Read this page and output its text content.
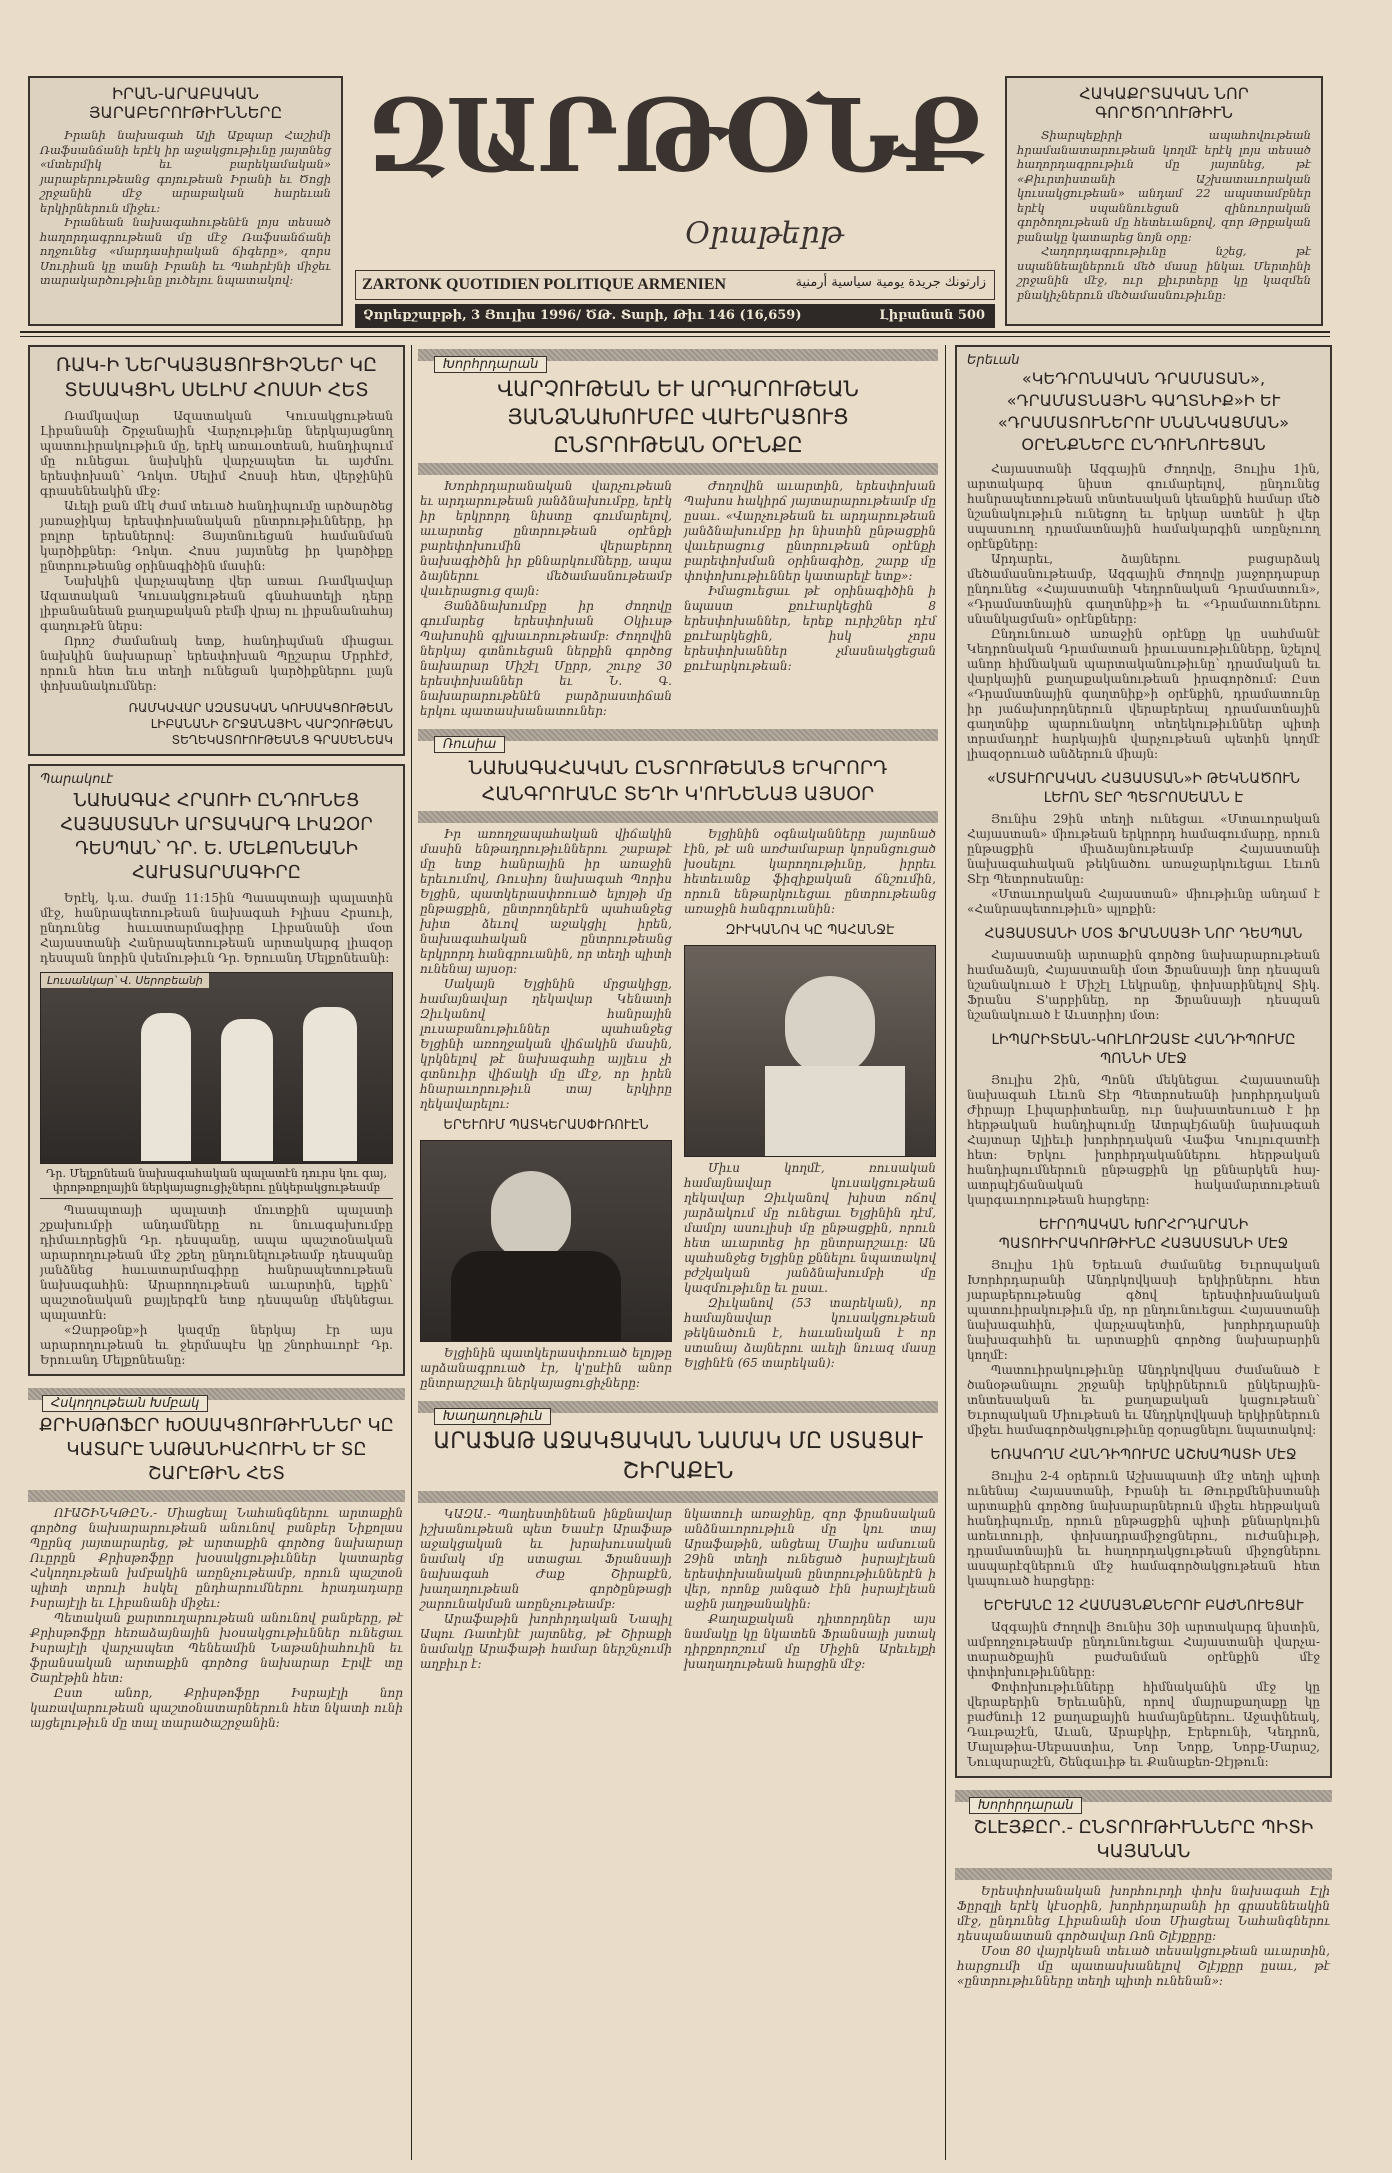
ԻՐԱՆ-ԱՐԱԲԱԿԱՆ ՅԱՐԱԲԵՐՈՒԹԻՒՆՆԵՐԸ

Իրանի նախագահ Ալի Աքպար Հաշիմի Ռաֆսանճանի երէկ իր աջակցութիւնը յայտնեց «մտերմիկ եւ բարեկամական» յարաբերութեանց գոյութեան Իրանի եւ Ծոցի շրջանին մէջ արաբական հարեւան երկիրներուն միջեւ:

Իրանեան նախագահութենէն լոյս տեսած հաղորդագրութեան մը մէջ Ռաֆսանճանի ողջունեց «մարդասիրական ճիգերը», զորս Սուրիան կը տանի Իրանի եւ Պահրէյնի միջեւ տարակարծութիւնը լուծելու նպատակով:

ԶԱՐԹՕՆՔ
Օրաթերթ
ZARTONK QUOTIDIEN POLITIQUE ARMENIEN	زارتونك جريدة يومية سياسية أرمنية
Չորեքշաբթի, 3 Յուլիս 1996/ ԾԹ. Տարի, Թիւ 146 (16,659)	Լիբանան 500
ՀԱԿԱՔՐՏԱԿԱՆ ՆՈՐ ԳՈՐԾՈՂՈՒԹԻՒՆ

Տիարպեքիրի ապահովութեան հրամանատարութեան կողմէ երէկ լոյս տեսած հաղորդագրութիւն մը յայտնեց, թէ «Քիւրտիստանի Աշխատաւորական կուսակցութեան» անդամ 22 ապստամբներ երէկ սպաննուեցան զինուորական գործողութեան մը հետեւանքով, զոր Թրքական բանակը կատարեց նոյն օրը:

Հաղորդագրութիւնը նշեց, թէ սպաննեալներուն մեծ մասը ինկաւ Մերտինի շրջանին մէջ, ուր քիւրտերը կը կազմեն բնակիչներուն մեծամասնութիւնը:

ՌԱԿ-Ի ՆԵՐԿԱՅԱՑՈՒՑԻՉՆԵՐ ԿԸ ՏԵՍԱԿՑԻՆ ՍԵԼԻՄ ՀՈՍՍԻ ՀԵՏ

Ռամկավար Ազատական Կուսակցութեան Լիբանանի Շրջանային Վարչութիւնը ներկայացնող պատուիրակութիւն մը, երէկ առաւօտեան, հանդիպում մը ունեցաւ նախկին վարչապետ եւ այժմու երեսփոխան՝ Դոկտ. Սելիմ Հոսսի հետ, վերջինին գրասենեակին մէջ:

Աւելի քան մէկ ժամ տեւած հանդիպումը արծարծեց յառաջիկայ երեսփոխանական ընտրութիւնները, իր բոլոր երեսներով: Յայտնուեցան համանման կարծիքներ: Դոկտ. Հոսս յայտնեց իր կարծիքը ընտրութեանց օրինագիծին մասին:

Նախկին վարչապետը վեր առաւ Ռամկավար Ազատական Կուսակցութեան գնահատելի դերը լիբանանեան քաղաքական բեմի վրայ ու լիբանանահայ գաղութէն ներս:

Որոշ ժամանակ ետք, հանդիպման միացաւ նախկին նախարար՝ երեսփոխան Պըշարա Մրրհէժ, որուն հետ եւս տեղի ունեցան կարծիքներու լայն փոխանակումներ:

ՌԱՄԿԱՎԱՐ ԱԶԱՏԱԿԱՆ ԿՈՒՍԱԿՑՈՒԹԵԱՆ
ԼԻԲԱՆԱՆԻ ՇՐՋԱՆԱՅԻՆ ՎԱՐՉՈՒԹԵԱՆ
ՏԵՂԵԿԱՏՈՒՈՒԹԵԱՆՑ ԳՐԱՍԵՆԵԱԿ
Պարակուէ
ՆԱԽԱԳԱՀ ՀՐԱՈՒԻ ԸՆԴՈՒՆԵՑ ՀԱՅԱՍՏԱՆԻ ԱՐՏԱԿԱՐԳ ԼԻԱԶՕՐ ԴԵՍՊԱՆ՝ ԴՐ. Ե. ՄԵԼՔՈՆԵԱՆԻ ՀԱՒԱՏԱՐՄԱԳԻՐԸ

Երէկ, կ.ա. ժամը 11:15ին Պաապտայի պալատին մէջ, հանրապետութեան նախագահ Իլիաս Հրաուի, ընդունեց հաւատարմագիրը Լիբանանի մօտ Հայաստանի Հանրապետութեան արտակարգ լիազօր դեսպան նորին վսեմութիւն Դր. Երուանդ Մելքոնեանի:

Լուսանկար՝ Վ. Սերոբեանի
Դր. Մելքոնեան նախագահական պալատէն դուրս կու գայ, փրոթոքոլային ներկայացուցիչներու ընկերակցութեամբ

Պաապտայի պալատի մուտքին պալատի շքախումբի անդամները ու նուագախումբը դիմաւորեցին Դր. դեսպանը, ապա պաշտօնական արարողութեան մէջ շքեղ ընդունելութեամբ դեսպանը յանձնեց հաւատարմագիրը հանրապետութեան նախագահին: Արարողութեան աւարտին, ելքին՝ պաշտօնական քայլերգէն ետք դեսպանը մեկնեցաւ պալատէն:

«Զարթօնք»ի կազմը ներկայ էր այս արարողութեան եւ ջերմապէս կը շնորհաւորէ Դր. Երուանդ Մելքոնեանը:

Հսկողութեան Խմբակ
ՔՐԻՍԹՈՖԸՐ ԽՕՍԱԿՑՈՒԹԻՒՆՆԵՐ ԿԸ ԿԱՏԱՐԷ ՆԱԹԱՆԻԱՀՈՒԻՆ ԵՒ ՏԸ ՇԱՐԷԹԻՆ ՀԵՏ

ՈՒԱՇԻՆԿԹԸՆ.- Միացեալ Նահանգներու արտաքին գործոց նախարարութեան անունով բանբեր Նիքոլաս Պըրնզ յայտարարեց, թէ արտաքին գործոց նախարար Ուըրըն Քրիսթոֆըր խօսակցութիւններ կատարեց Հսկողութեան խմբակին առընչութեամբ, որուն պաշտօն պիտի տրուի հսկել ընդհարումներու հրադադարը Իսրայէլի եւ Լիբանանի միջեւ:

Պետական քարտուղարութեան անունով բանբերը, թէ Քրիսթոֆըր հեռաձայնային խօսակցութիւններ ունեցաւ Իսրայէլի վարչապետ Պենեամին Նաթանիահուին եւ ֆրանսական արտաքին գործոց նախարար Էրվէ տը Շարէթին հետ:

Ըստ անոր, Քրիսթոֆըր Իսրայէլի նոր կառավարութեան պաշտօնատարներուն հետ նկատի ունի այցելութիւն մը տալ տարածաշրջանին:

Խորհրդարան
ՎԱՐՉՈՒԹԵԱՆ ԵՒ ԱՐԴԱՐՈՒԹԵԱՆ ՅԱՆՁՆԱԽՈՒՄԲԸ ՎԱՒԵՐԱՑՈՒՑ ԸՆՏՐՈՒԹԵԱՆ ՕՐԷՆՔԸ

Խորհրդարանական վարչութեան եւ արդարութեան յանձնախումբը, երէկ իր երկրորդ նիստը գումարելով, աւարտեց ընտրութեան օրէնքի բարեփոխումին վերաբերող նախագիծին իր քննարկումները, ապա ձայներու մեծամասնութեամբ վաւերացուց զայն:

Յանձնախումբը իր ժողովը գումարեց երեսփոխան Օկիւսթ Պախոսին գլխաւորութեամբ: Ժողովին ներկայ գտնուեցան ներքին գործոց նախարար Միշէլ Մըրր, շուրջ 30 երեսփոխաններ եւ Ն. Գ. նախարարութենէն բարձրաստիճան երկու պատասխանատուներ:

Ժողովին աւարտին, երեսփոխան Պախոս հակիրճ յայտարարութեամբ մը ըսաւ. «Վարչութեան եւ արդարութեան յանձնախումբը իր նիստին ընթացքին վաւերացուց ընտրութեան օրէնքի բարեփոխման օրինագիծը, շարք մը փոփոխութիւններ կատարելէ ետք»:

Իմացուեցաւ թէ օրինագիծին ի նպաստ քուէարկեցին 8 երեսփոխաններ, երեք ուրիշներ դէմ քուէարկեցին, իսկ չորս երեսփոխաններ չմասնակցեցան քուէարկութեան:

Ռուսիա
ՆԱԽԱԳԱՀԱԿԱՆ ԸՆՏՐՈՒԹԵԱՆՑ ԵՐԿՐՈՐԴ ՀԱՆԳՐՈՒԱՆԸ ՏԵՂԻ Կ'ՈՒՆԵՆԱՅ ԱՅՍՕՐ

Իր առողջապահական վիճակին մասին ենթադրութիւններու շաբաթէ մը ետք հանրային իր առաջին երեւումով, Ռուսիոյ նախագահ Պորիս Ելցին, պատկերասփռուած ելոյթի մը ընթացքին, ընտրողներէն պահանջեց խիտ ձեւով աջակցիլ իրեն, նախագահական ընտրութեանց երկրորդ հանգրուանին, որ տեղի պիտի ունենայ այսօր:

Սակայն Ելցինին մրցակիցը, համայնավար ղեկավար Կենատի Զիւկանով հանրային լուսաբանութիւններ պահանջեց Ելցինի առողջական վիճակին մասին, կրկնելով թէ նախագահը այլեւս չի գտնուիր վիճակի մը մէջ, որ իրեն հնարաւորութիւն տայ երկիրը ղեկավարելու:

ԵՐԵՒՈՒՄ ՊԱՏԿԵՐԱՍՓՒՌՈՒԷՆ

Ելցինին պատկերասփռուած ելոյթը արձանագրուած էր, կ'ըսէին անոր ընտրարշաւի ներկայացուցիչները:

Ելցինին օգնականները յայտնած էին, թէ ան առժամաբար կորսնցուցած խօսելու կարողութիւնը, իրրեւ հետեւանք ֆիզիքական ճնշումին, որուն ենթարկուեցաւ ընտրութեանց առաջին հանգրուանին:

ԶԻՒԿԱՆՈՎ ԿԸ ՊԱՀԱՆՋԷ

Միւս կողմէ, ռուսական համայնավար կուսակցութեան ղեկավար Զիւկանով խիստ ոճով յարձակում մը ունեցաւ Ելցինին դէմ, մամլոյ ասուլիսի մը ընթացքին, որուն հետ աւարտեց իր ընտրարշաւը: Ան պահանջեց Ելցինը քննելու նպատակով բժշկական յանձնախումբի մը կազմութիւնը եւ ըսաւ.

Զիւկանով (53 տարեկան), որ համայնավար կուսակցութեան թեկնածուն է, հաւանական է որ ստանայ ձայներու աւելի նուազ մասը Ելցինէն (65 տարեկան):

Խաղաղութիւն
ԱՐԱՖԱԹ ԱՋԱԿՑԱԿԱՆ ՆԱՄԱԿ ՄԸ ՍՏԱՑԱՒ ՇԻՐԱՔԷՆ

ԿԱԶԱ.- Պաղեստինեան ինքնավար իշխանութեան պետ Եասէր Արաֆաթ աջակցական եւ խրախուսական նամակ մը ստացաւ Ֆրանսայի նախագահ Ժաք Շիրաքէն, խաղաղութեան գործընթացի շարունակման առընչութեամբ:

Արաֆաթին խորհրդական Նապիլ Ապու Ռատէյնէ յայտնեց, թէ Շիրաքի նամակը Արաֆաթի համար ներշնչումի աղբիւր է:

նկատուի առաջինը, զոր ֆրանսական անձնաւորութիւն մը կու տայ Արաֆաթին, անցեալ Մայիս ամսուան 29ին տեղի ունեցած իսրայէլեան երեսփոխանական ընտրութիւններէն ի վեր, որոնք յանգած էին իսրայէլեան աջին յաղթանակին:

Քաղաքական դիտորդներ այս նամակը կը նկատեն Ֆրանսայի յստակ դիրքորոշում մը Միջին Արեւելքի խաղաղութեան հարցին մէջ:

Երեւան
«ԿԵԴՐՈՆԱԿԱՆ ԴՐԱՄԱՏԱՆ», «ԴՐԱՄԱՏՆԱՅԻՆ ԳԱՂՏՆԻՔ»Ի ԵՒ «ԴՐԱՄԱՏՈՒՆԵՐՈՒ ՍՆԱՆԿԱՑՄԱՆ» ՕՐԷՆՔՆԵՐԸ ԸՆԴՈՒՆՈՒԵՑԱՆ

Հայաստանի Ազգային Ժողովը, Յուլիս 1ին, արտակարգ նիստ գումարելով, ընդունեց հանրապետութեան տնտեսական կեանքին համար մեծ նշանակութիւն ունեցող եւ երկար ատենէ ի վեր սպասուող դրամատնային համակարգին առընչուող օրէնքները:

Արդարեւ, ձայներու բացարձակ մեծամասնութեամբ, Ազգային Ժողովը յաջորդաբար ընդունեց «Հայաստանի Կեդրոնական Դրամատուն», «Դրամատնային գաղտնիք»ի եւ «Դրամատուներու սնանկացման» օրէնքները:

Ընդունուած առաջին օրէնքը կը սահմանէ Կեդրոնական Դրամատան իրաւասութիւնները, նշելով անոր հիմնական պարտականութիւնը՝ դրամական եւ վարկային քաղաքականութեան իրագործում: Ըստ «Դրամատնային գաղտնիք»ի օրէնքին, դրամատունը իր յաճախորդներուն վերաբերեալ դրամատնային գաղտնիք պարունակող տեղեկութիւններ պիտի տրամադրէ հարկային վարչութեան պետին կողմէ լիազօրուած անձերուն միայն:

«ՄՏԱՒՈՐԱԿԱՆ ՀԱՅԱՍՏԱՆ»Ի ԹԵԿՆԱԾՈՒՆ ԼԵՒՈՆ ՏԷՐ ՊԵՏՐՈՍԵԱՆՆ Է

Յունիս 29ին տեղի ունեցաւ «Մտաւորական Հայաստան» միութեան երկրորդ համագումարը, որուն ընթացքին միաձայնութեամբ Հայաստանի նախագահական թեկնածու առաջարկուեցաւ Լեւոն Տէր Պետրոսեանը:

«Մտաւորական Հայաստան» միութիւնը անդամ է «Հանրապետութիւն» պլոքին:

ՀԱՅԱՍՏԱՆԻ ՄՕՏ ՖՐԱՆՍԱՅԻ ՆՈՐ ԴԵՍՊԱՆ

Հայաստանի արտաքին գործոց նախարարութեան համաձայն, Հայաստանի մօտ Ֆրանսայի նոր դեսպան նշանակուած է Միշէլ Լեկրանը, փոխարինելով Տիկ. Ֆրանս Տ'արբինեը, որ Ֆրանսայի դեսպան նշանակուած է Աւստրիոյ մօտ:

ԼԻՊԱՐԻՏԵԱՆ-ԿՈՒԼՈՒԶԱՏԷ ՀԱՆԴԻՊՈՒՄԸ ՊՈՆՆԻ ՄԷՋ

Յուլիս 2ին, Պոնն մեկնեցաւ Հայաստանի նախագահ Լեւոն Տէր Պետրոսեանի խորհրդական Ժիրայր Լիպարիտեանը, ուր նախատեսուած է իր հերթական հանդիպումը Ատրպէյճանի նախագահ Հայտար Ալիեւի խորհրդական Վաֆա Կուլուզատէի հետ: Երկու խորհրդականներու հերթական հանդիպումներուն ընթացքին կը քննարկեն հայ-ատրպէյճանական հակամարտութեան կարգաւորութեան հարցերը:

ԵՒՐՈՊԱԿԱՆ ԽՈՐՀՐԴԱՐԱՆԻ ՊԱՏՈՒԻՐԱԿՈՒԹԻՒՆԸ ՀԱՅԱՍՏԱՆԻ ՄԷՋ

Յուլիս 1ին Երեւան ժամանեց Եւրոպական Խորհրդարանի Անդրկովկասի երկիրներու հետ յարաբերութեանց գծով երեսփոխանական պատուիրակութիւն մը, որ ընդունուեցաւ Հայաստանի նախագահին, վարչապետին, խորհրդարանի նախագահին եւ արտաքին գործոց նախարարին կողմէ:

Պատուիրակութիւնը Անդրկովկաս ժամանած է ծանօթանալու շրջանի երկիրներուն ընկերային-տնտեսական եւ քաղաքական կացութեան՝ Եւրոպական Միութեան եւ Անդրկովկասի երկիրներուն միջեւ համագործակցութիւնը զօրացնելու նպատակով:

ԵՌԱԿՈՂՄ ՀԱՆԴԻՊՈՒՄԸ ԱՇԽԱՊԱՏԻ ՄԷՋ

Յուլիս 2-4 օրերուն Աշխապատի մէջ տեղի պիտի ունենայ Հայաստանի, Իրանի եւ Թուրքմենիստանի արտաքին գործոց նախարարներուն միջեւ հերթական հանդիպումը, որուն ընթացքին պիտի քննարկուին առեւտուրի, փոխադրամիջոցներու, ուժանիւթի, դրամատնային եւ հաղորդակցութեան միջոցներու ասպարէզներուն մէջ համագործակցութեան հետ կապուած հարցերը:

ԵՐԵՒԱՆԸ 12 ՀԱՄԱՅՆՔՆԵՐՈՒ ԲԱԺՆՈՒԵՑԱՒ

Ազգային Ժողովի Յունիս 30ի արտակարգ նիստին, ամբողջութեամբ ընդունուեցաւ Հայաստանի վարչա-տարածքային բաժանման օրէնքին մէջ փոփոխութիւնները:

Փոփոխութիւնները հիմնականին մէջ կը վերաբերին Երեւանին, որով մայրաքաղաքը կը բաժնուի 12 քաղաքային համայնքներու. Աջափնեակ, Դաւթաշէն, Աւան, Արաբկիր, Էրեբունի, Կեդրոն, Մալաթիա-Սեբաստիա, Նոր Նորք, Նորք-Մարաշ, Նուպարաշէն, Շենգաւիթ եւ Քանաքեռ-Զէյթուն:

Խորհրդարան
ՇԼԷՅՔԸՐ.- ԸՆՏՐՈՒԹԻՒՆՆԵՐԸ ՊԻՏԻ ԿԱՅԱՆԱՆ

Երեսփոխանական խորհուրդի փոխ նախագահ Էլի Ֆըրզլի երէկ կէսօրին, խորհրդարանի իր գրասենեակին մէջ, ընդունեց Լիբանանի մօտ Միացեալ Նահանգներու դեսպանատան գործավար Ռոն Շլէյքըրը:

Մօտ 80 վայրկեան տեւած տեսակցութեան աւարտին, հարցումի մը պատասխանելով Շլէյքըր ըսաւ, թէ «ընտրութիւնները տեղի պիտի ունենան»:
